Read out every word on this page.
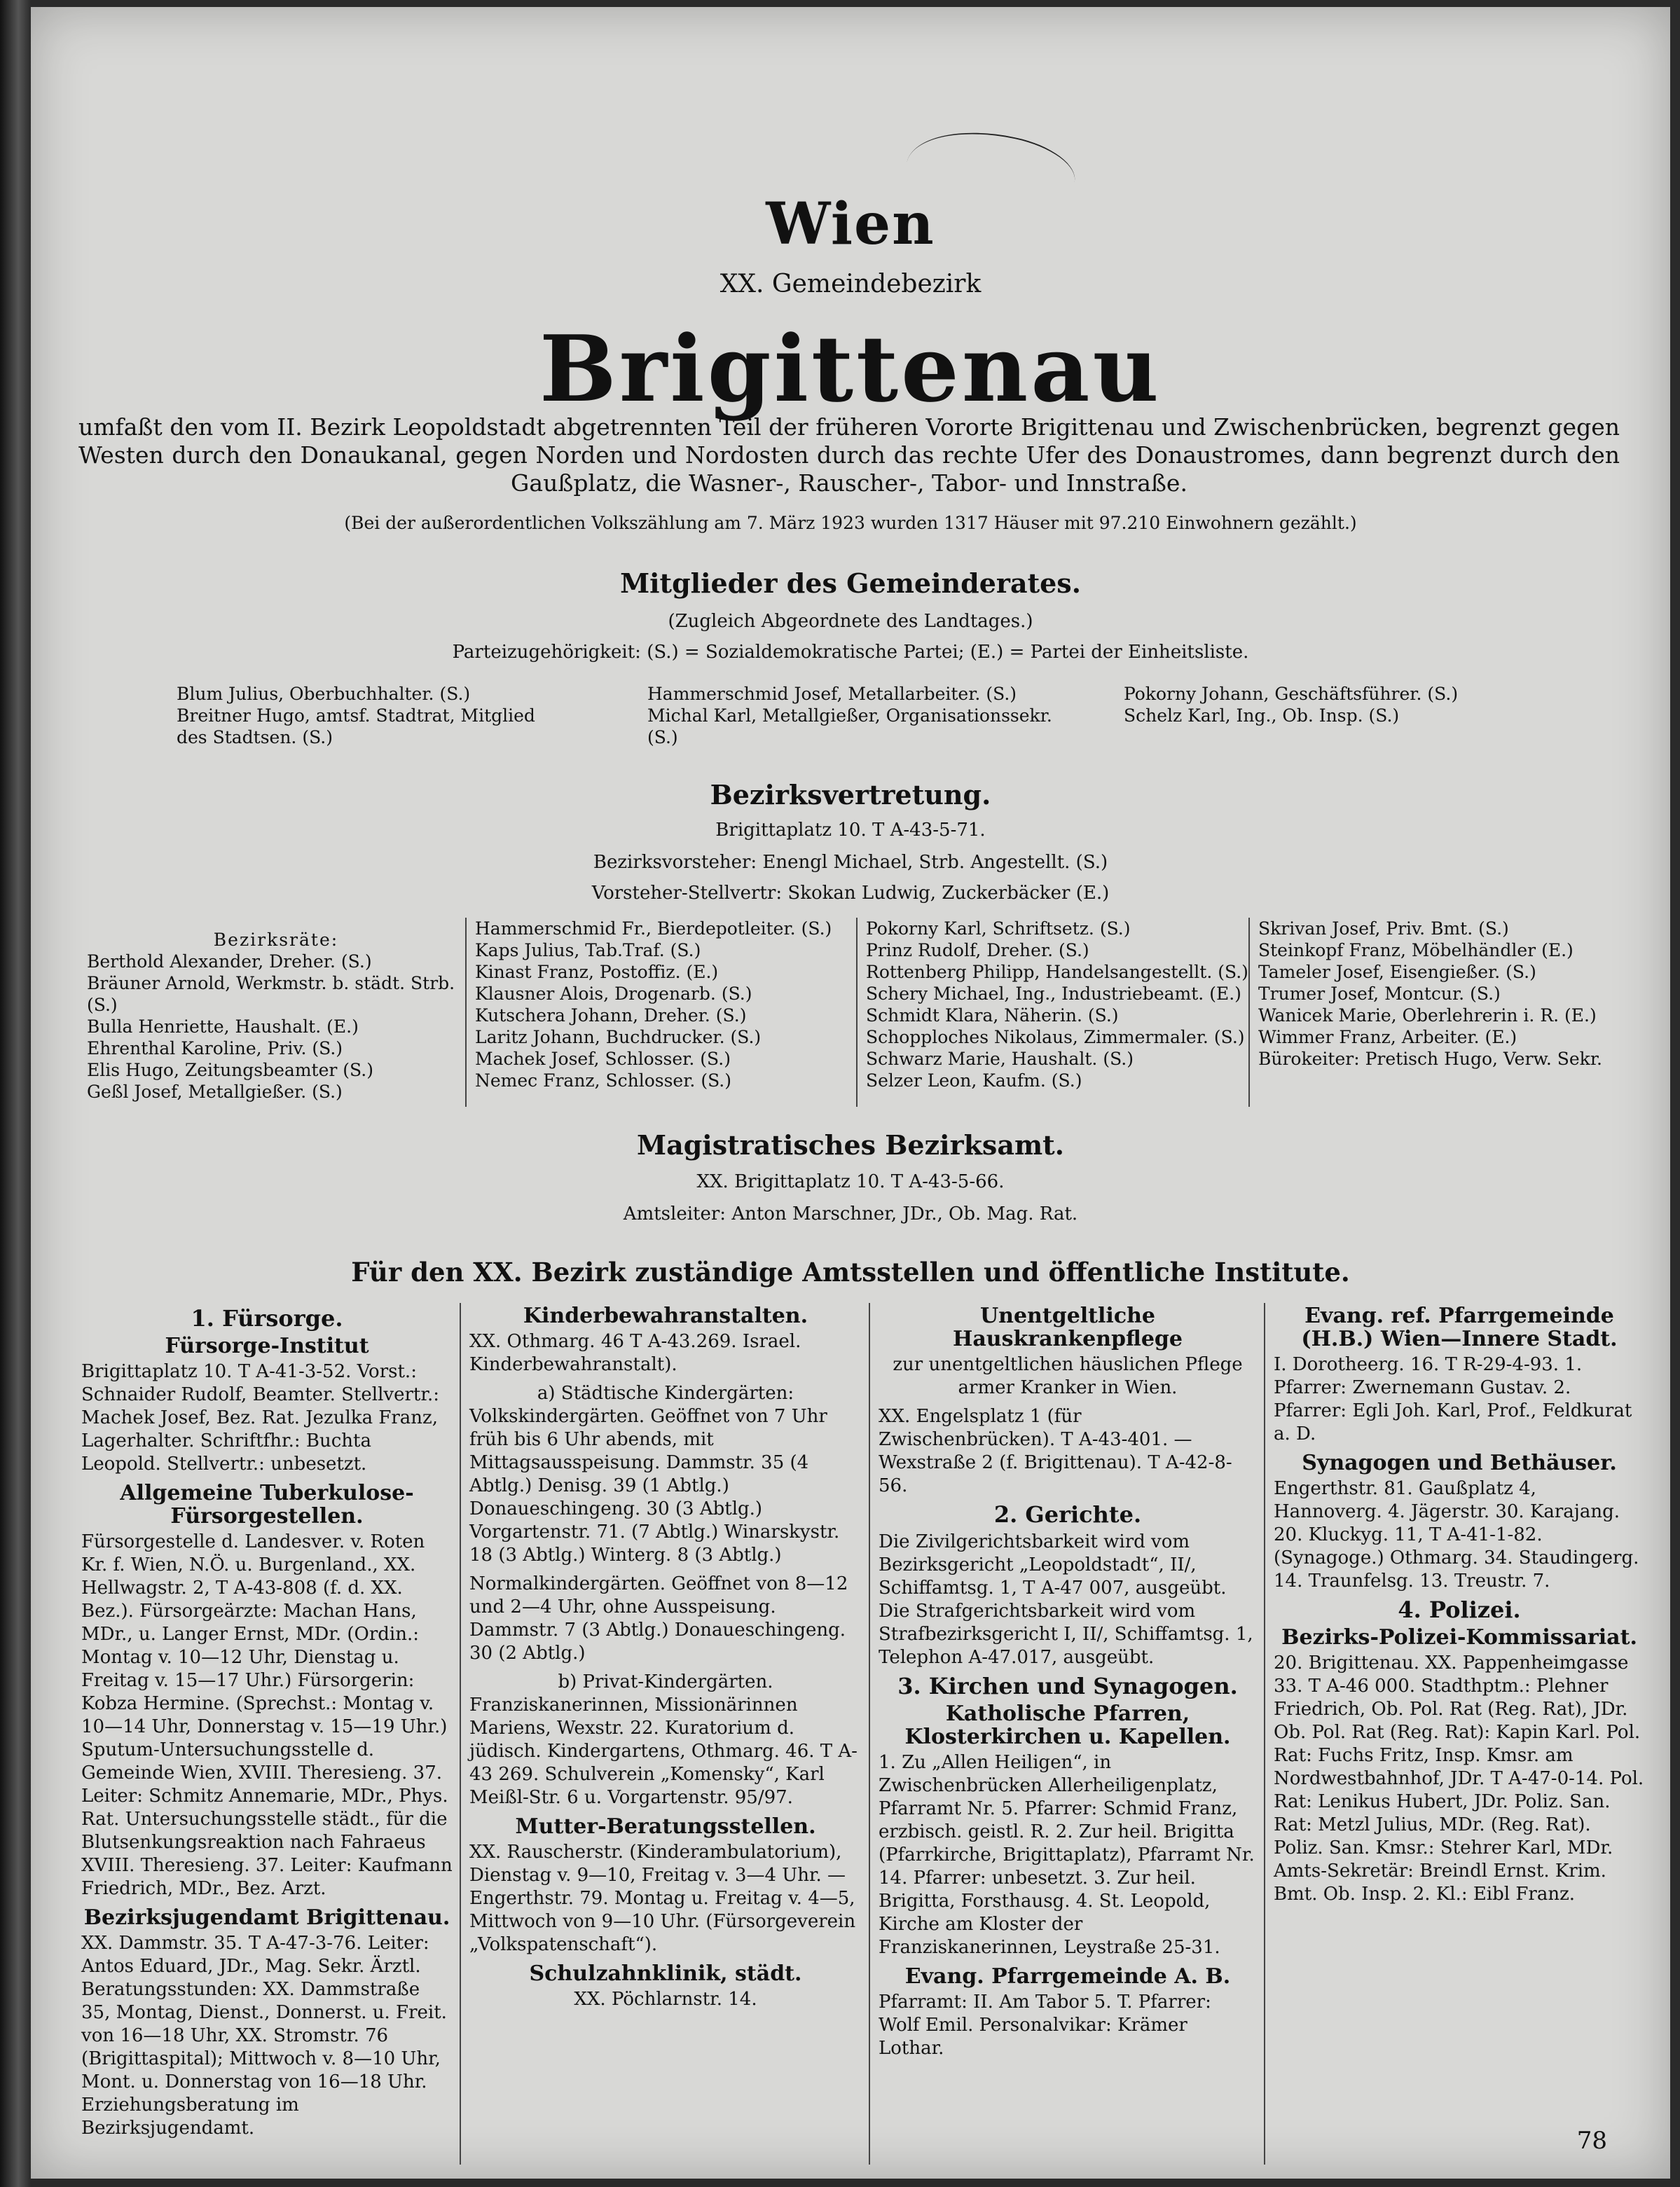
Wien
XX. Gemeindebezirk
Brigittenau
umfaßt den vom II. Bezirk Leopoldstadt abgetrennten Teil der früheren Vororte Brigittenau und Zwischenbrücken, begrenzt gegen Westen durch den Donaukanal, gegen Norden und Nordosten durch das rechte Ufer des Donaustromes, dann begrenzt durch den Gaußplatz, die Wasner-, Rauscher-, Tabor- und Innstraße.
(Bei der außerordentlichen Volkszählung am 7. März 1923 wurden 1317 Häuser mit 97.210 Einwohnern gezählt.)
Mitglieder des Gemeinderates.
(Zugleich Abgeordnete des Landtages.)
Parteizugehörigkeit: (S.) = Sozialdemokratische Partei; (E.) = Partei der Einheitsliste.
Blum Julius, Oberbuchhalter. (S.)
Breitner Hugo, amtsf. Stadtrat, Mitglied des Stadtsen. (S.)
Hammerschmid Josef, Metallarbeiter. (S.)
Michal Karl, Metallgießer, Organisationssekr. (S.)
Pokorny Johann, Geschäftsführer. (S.)
Schelz Karl, Ing., Ob. Insp. (S.)
Bezirksvertretung.
Brigittaplatz 10. T A-43-5-71.
Bezirksvorsteher: Enengl Michael, Strb. Angestellt. (S.)
Vorsteher-Stellvertr: Skokan Ludwig, Zuckerbäcker (E.)
Bezirksräte:
Berthold Alexander, Dreher. (S.)
Bräuner Arnold, Werkmstr. b. städt. Strb. (S.)
Bulla Henriette, Haushalt. (E.)
Ehrenthal Karoline, Priv. (S.)
Elis Hugo, Zeitungsbeamter (S.)
Geßl Josef, Metallgießer. (S.)
Hammerschmid Fr., Bierdepotleiter. (S.)
Kaps Julius, Tab.Traf. (S.)
Kinast Franz, Postoffiz. (E.)
Klausner Alois, Drogenarb. (S.)
Kutschera Johann, Dreher. (S.)
Laritz Johann, Buchdrucker. (S.)
Machek Josef, Schlosser. (S.)
Nemec Franz, Schlosser. (S.)
Pokorny Karl, Schriftsetz. (S.)
Prinz Rudolf, Dreher. (S.)
Rottenberg Philipp, Handelsangestellt. (S.)
Schery Michael, Ing., Industriebeamt. (E.)
Schmidt Klara, Näherin. (S.)
Schopploches Nikolaus, Zimmermaler. (S.)
Schwarz Marie, Haushalt. (S.)
Selzer Leon, Kaufm. (S.)
Skrivan Josef, Priv. Bmt. (S.)
Steinkopf Franz, Möbelhändler (E.)
Tameler Josef, Eisengießer. (S.)
Trumer Josef, Montcur. (S.)
Wanicek Marie, Oberlehrerin i. R. (E.)
Wimmer Franz, Arbeiter. (E.)
Bürokeiter: Pretisch Hugo, Verw. Sekr.
Magistratisches Bezirksamt.
XX. Brigittaplatz 10. T A-43-5-66.
Amtsleiter: Anton Marschner, JDr., Ob. Mag. Rat.
Für den XX. Bezirk zuständige Amtsstellen und öffentliche Institute.
1. Fürsorge.
Fürsorge-Institut

Brigittaplatz 10. T A-41-3-52. Vorst.: Schnaider Rudolf, Beamter. Stellvertr.: Machek Josef, Bez. Rat. Jezulka Franz, Lagerhalter. Schriftfhr.: Buchta Leopold. Stellvertr.: unbesetzt.

Allgemeine Tuberkulose-Fürsorgestellen.

Fürsorgestelle d. Landesver. v. Roten Kr. f. Wien, N.Ö. u. Burgenland., XX. Hellwagstr. 2, T A-43-808 (f. d. XX. Bez.). Fürsorgeärzte: Machan Hans, MDr., u. Langer Ernst, MDr. (Ordin.: Montag v. 10—12 Uhr, Dienstag u. Freitag v. 15—17 Uhr.) Fürsorgerin: Kobza Hermine. (Sprechst.: Montag v. 10—14 Uhr, Donnerstag v. 15—19 Uhr.) Sputum-Untersuchungsstelle d. Gemeinde Wien, XVIII. Theresieng. 37. Leiter: Schmitz Annemarie, MDr., Phys. Rat. Untersuchungsstelle städt., für die Blutsenkungsreaktion nach Fahraeus XVIII. Theresieng. 37. Leiter: Kaufmann Friedrich, MDr., Bez. Arzt.

Bezirksjugendamt Brigittenau.

XX. Dammstr. 35. T A-47-3-76. Leiter: Antos Eduard, JDr., Mag. Sekr. Ärztl. Beratungsstunden: XX. Dammstraße 35, Montag, Dienst., Donnerst. u. Freit. von 16—18 Uhr, XX. Stromstr. 76 (Brigittaspital); Mittwoch v. 8—10 Uhr, Mont. u. Donnerstag von 16—18 Uhr. Erziehungsberatung im Bezirksjugendamt.

Kinderbewahranstalten.

XX. Othmarg. 46 T A-43.269. Israel. Kinderbewahranstalt).

a) Städtische Kindergärten:

Volkskindergärten. Geöffnet von 7 Uhr früh bis 6 Uhr abends, mit Mittagsausspeisung. Dammstr. 35 (4 Abtlg.) Denisg. 39 (1 Abtlg.) Donaueschingeng. 30 (3 Abtlg.) Vorgartenstr. 71. (7 Abtlg.) Winarskystr. 18 (3 Abtlg.) Winterg. 8 (3 Abtlg.)

Normalkindergärten. Geöffnet von 8—12 und 2—4 Uhr, ohne Ausspeisung. Dammstr. 7 (3 Abtlg.) Donaueschingeng. 30 (2 Abtlg.)

b) Privat-Kindergärten.

Franziskanerinnen, Missionärinnen Mariens, Wexstr. 22. Kuratorium d. jüdisch. Kindergartens, Othmarg. 46. T A-43 269. Schulverein „Komensky“, Karl Meißl-Str. 6 u. Vorgartenstr. 95/97.

Mutter-Beratungsstellen.

XX. Rauscherstr. (Kinderambulatorium), Dienstag v. 9—10, Freitag v. 3—4 Uhr. — Engerthstr. 79. Montag u. Freitag v. 4—5, Mittwoch von 9—10 Uhr. (Fürsorgeverein „Volkspatenschaft“).

Schulzahnklinik, städt.

XX. Pöchlarnstr. 14.

Unentgeltliche Hauskrankenpflege

zur unentgeltlichen häuslichen Pflege armer Kranker in Wien.

XX. Engelsplatz 1 (für Zwischenbrücken). T A-43-401. — Wexstraße 2 (f. Brigittenau). T A-42-8-56.

2. Gerichte.

Die Zivilgerichtsbarkeit wird vom Bezirksgericht „Leopoldstadt“, II/, Schiffamtsg. 1, T A-47 007, ausgeübt. Die Strafgerichtsbarkeit wird vom Strafbezirksgericht I, II/, Schiffamtsg. 1, Telephon A-47.017, ausgeübt.

3. Kirchen und Synagogen.
Katholische Pfarren, Klosterkirchen u. Kapellen.

1. Zu „Allen Heiligen“, in Zwischenbrücken Allerheiligenplatz, Pfarramt Nr. 5. Pfarrer: Schmid Franz, erzbisch. geistl. R. 2. Zur heil. Brigitta (Pfarrkirche, Brigittaplatz), Pfarramt Nr. 14. Pfarrer: unbesetzt. 3. Zur heil. Brigitta, Forsthausg. 4. St. Leopold, Kirche am Kloster der Franziskanerinnen, Leystraße 25-31.

Evang. Pfarrgemeinde A. B.

Pfarramt: II. Am Tabor 5. T. Pfarrer: Wolf Emil. Personalvikar: Krämer Lothar.

Evang. ref. Pfarrgemeinde (H.B.) Wien—Innere Stadt.

I. Dorotheerg. 16. T R-29-4-93. 1. Pfarrer: Zwernemann Gustav. 2. Pfarrer: Egli Joh. Karl, Prof., Feldkurat a. D.

Synagogen und Bethäuser.

Engerthstr. 81. Gaußplatz 4, Hannoverg. 4. Jägerstr. 30. Karajang. 20. Kluckyg. 11, T A-41-1-82. (Synagoge.) Othmarg. 34. Staudingerg. 14. Traunfelsg. 13. Treustr. 7.

4. Polizei.
Bezirks-Polizei-Kommissariat.

20. Brigittenau. XX. Pappenheimgasse 33. T A-46 000. Stadthptm.: Plehner Friedrich, Ob. Pol. Rat (Reg. Rat), JDr. Ob. Pol. Rat (Reg. Rat): Kapin Karl. Pol. Rat: Fuchs Fritz, Insp. Kmsr. am Nordwestbahnhof, JDr. T A-47-0-14. Pol. Rat: Lenikus Hubert, JDr. Poliz. San. Rat: Metzl Julius, MDr. (Reg. Rat). Poliz. San. Kmsr.: Stehrer Karl, MDr. Amts-Sekretär: Breindl Ernst. Krim. Bmt. Ob. Insp. 2. Kl.: Eibl Franz.

78
